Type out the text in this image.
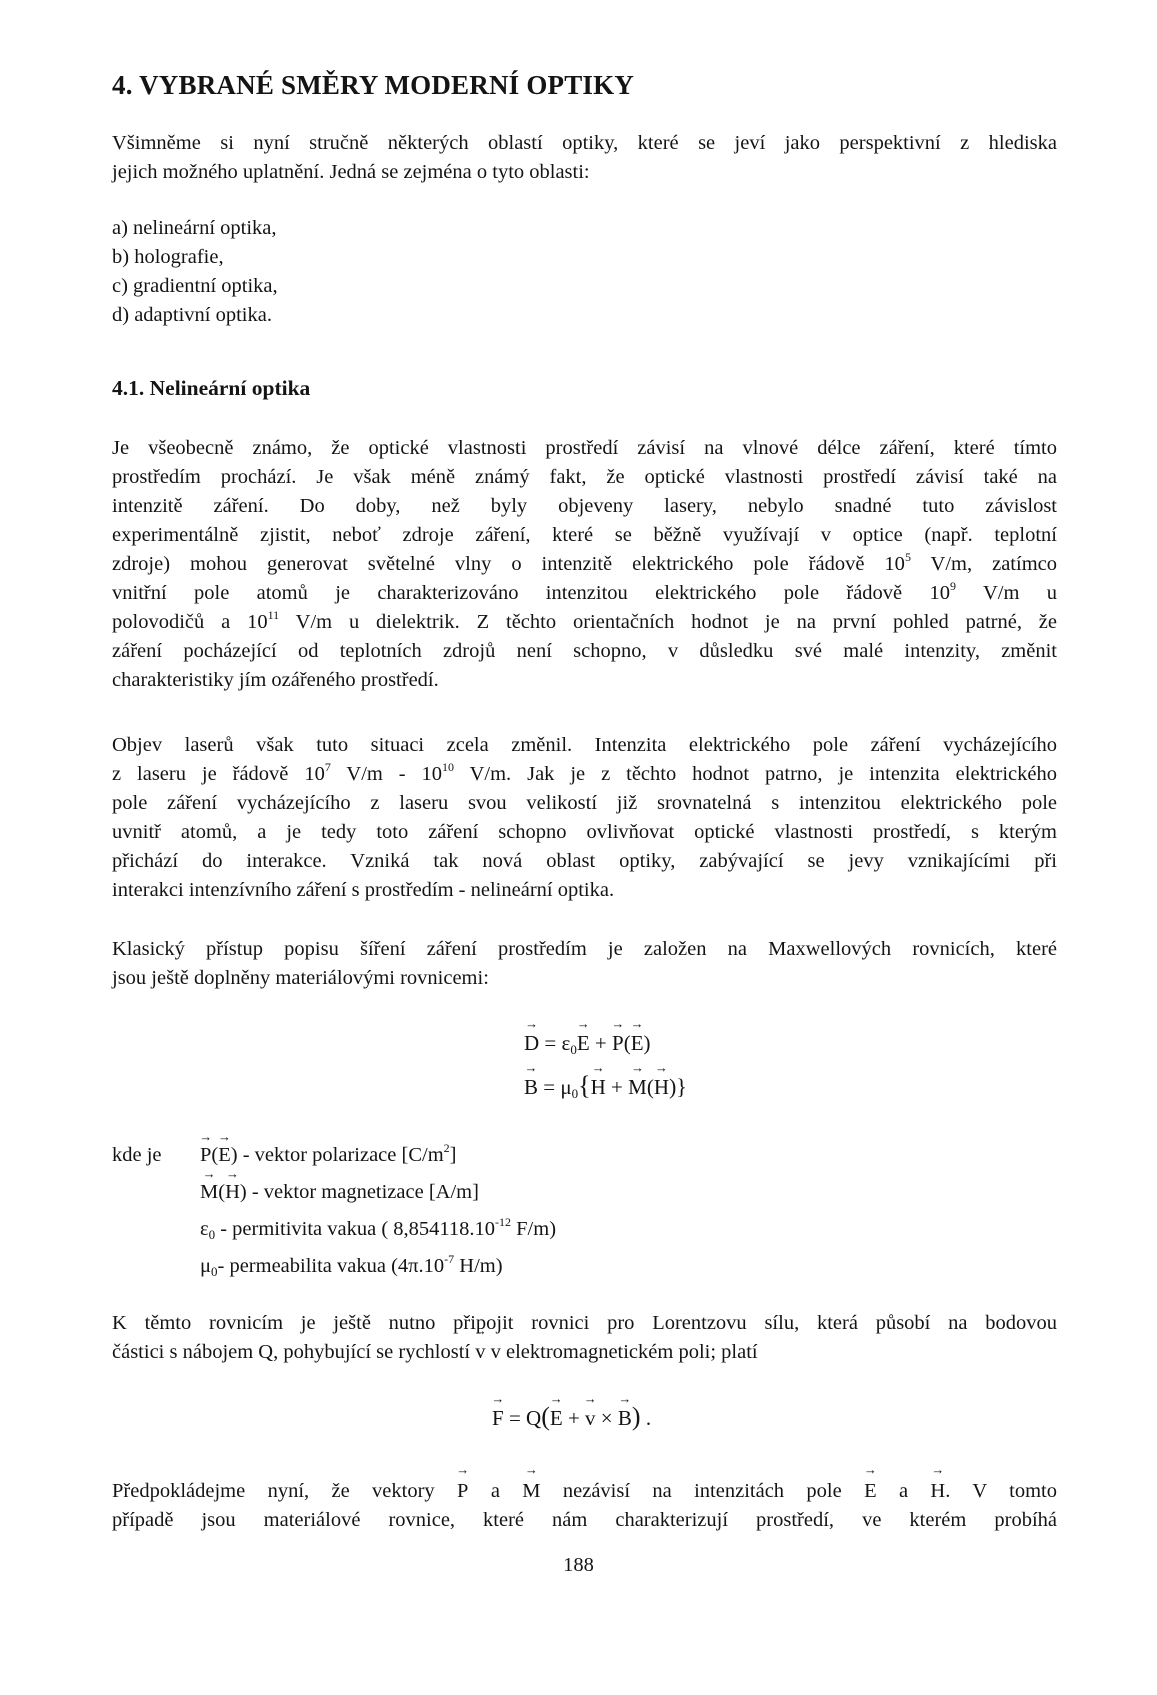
4. VYBRANÉ SMĚRY MODERNÍ OPTIKY
Všimněme si nyní stručně některých oblastí optiky, které se jeví jako perspektivní z hlediska
jejich možného uplatnění. Jedná se zejména o tyto oblasti:
a) nelineární optika,
b) holografie,
c) gradientní optika,
d) adaptivní optika.
4.1. Nelineární optika
Je všeobecně známo, že optické vlastnosti prostředí závisí na vlnové délce záření, které tímto
prostředím prochází. Je však méně známý fakt, že optické vlastnosti prostředí závisí také na
intenzitě záření. Do doby, než byly objeveny lasery, nebylo snadné tuto závislost
experimentálně zjistit, neboť zdroje záření, které se běžně využívají v optice (např. teplotní
zdroje) mohou generovat světelné vlny o intenzitě elektrického pole řádově $10^5$ V/m, zatímco
vnitřní pole atomů je charakterizováno intenzitou elektrického pole řádově $10^9$ V/m u
polovodičů a $10^{11}$ V/m u dielektrik. Z těchto orientačních hodnot je na první pohled patrné, že
záření pocházející od teplotních zdrojů není schopno, v důsledku své malé intenzity, změnit
charakteristiky jím ozářeného prostředí.
Objev laserů však tuto situaci zcela změnil. Intenzita elektrického pole záření vycházejícího
z laseru je řádově $10^7$ $V/m - 10^{10}$ V/m. Jak je z těchto hodnot patrno, je intenzita elektrického
pole záření vycházejícího z laseru svou velikostí již srovnatelná s intenzitou elektrického pole
uvnitř atomů, a je tedy toto záření schopno ovlivňovat optické vlastnosti prostředí, s kterým
přichází do interakce. Vzniká tak nová oblast optiky, zabývající se jevy vznikajícími při
interakci intenzívního záření s prostředím - nelineární optika.
Klasický přístup popisu šíření záření prostředím je založen na Maxwellových rovnicích, které
jsou ještě doplněny materiálovými rovnicemi:
→ $D = \varepsilon_0\to E$ + → P(→ E)
→ $B = \mu_0\{\to H$ + → M(→ H)}
kde je
→ P(→ E) - vektor polarizace $[C/m^2]$
→ M(→ H) - vektor magnetizace [A/m]
$\varepsilon_0$ - permitivita vakua ( $8,854118.10^{-12}$ F/m)
$\mu_0-$ permeabilita vakua ($4\pi.10^{-7}$ H/m)
K těmto rovnicím je ještě nutno připojit rovnici pro Lorentzovu sílu, která působí na bodovou
částici s nábojem Q, pohybující se rychlostí → v v elektromagnetickém poli; platí
→ F = Q(→ E + → v × → B) .
Předpokládejme nyní, že vektory → P a → M nezávisí na intenzitách pole → E a → H. V tomto
případě jsou materiálové rovnice, které nám charakterizují prostředí, ve kterém probíhá
188
